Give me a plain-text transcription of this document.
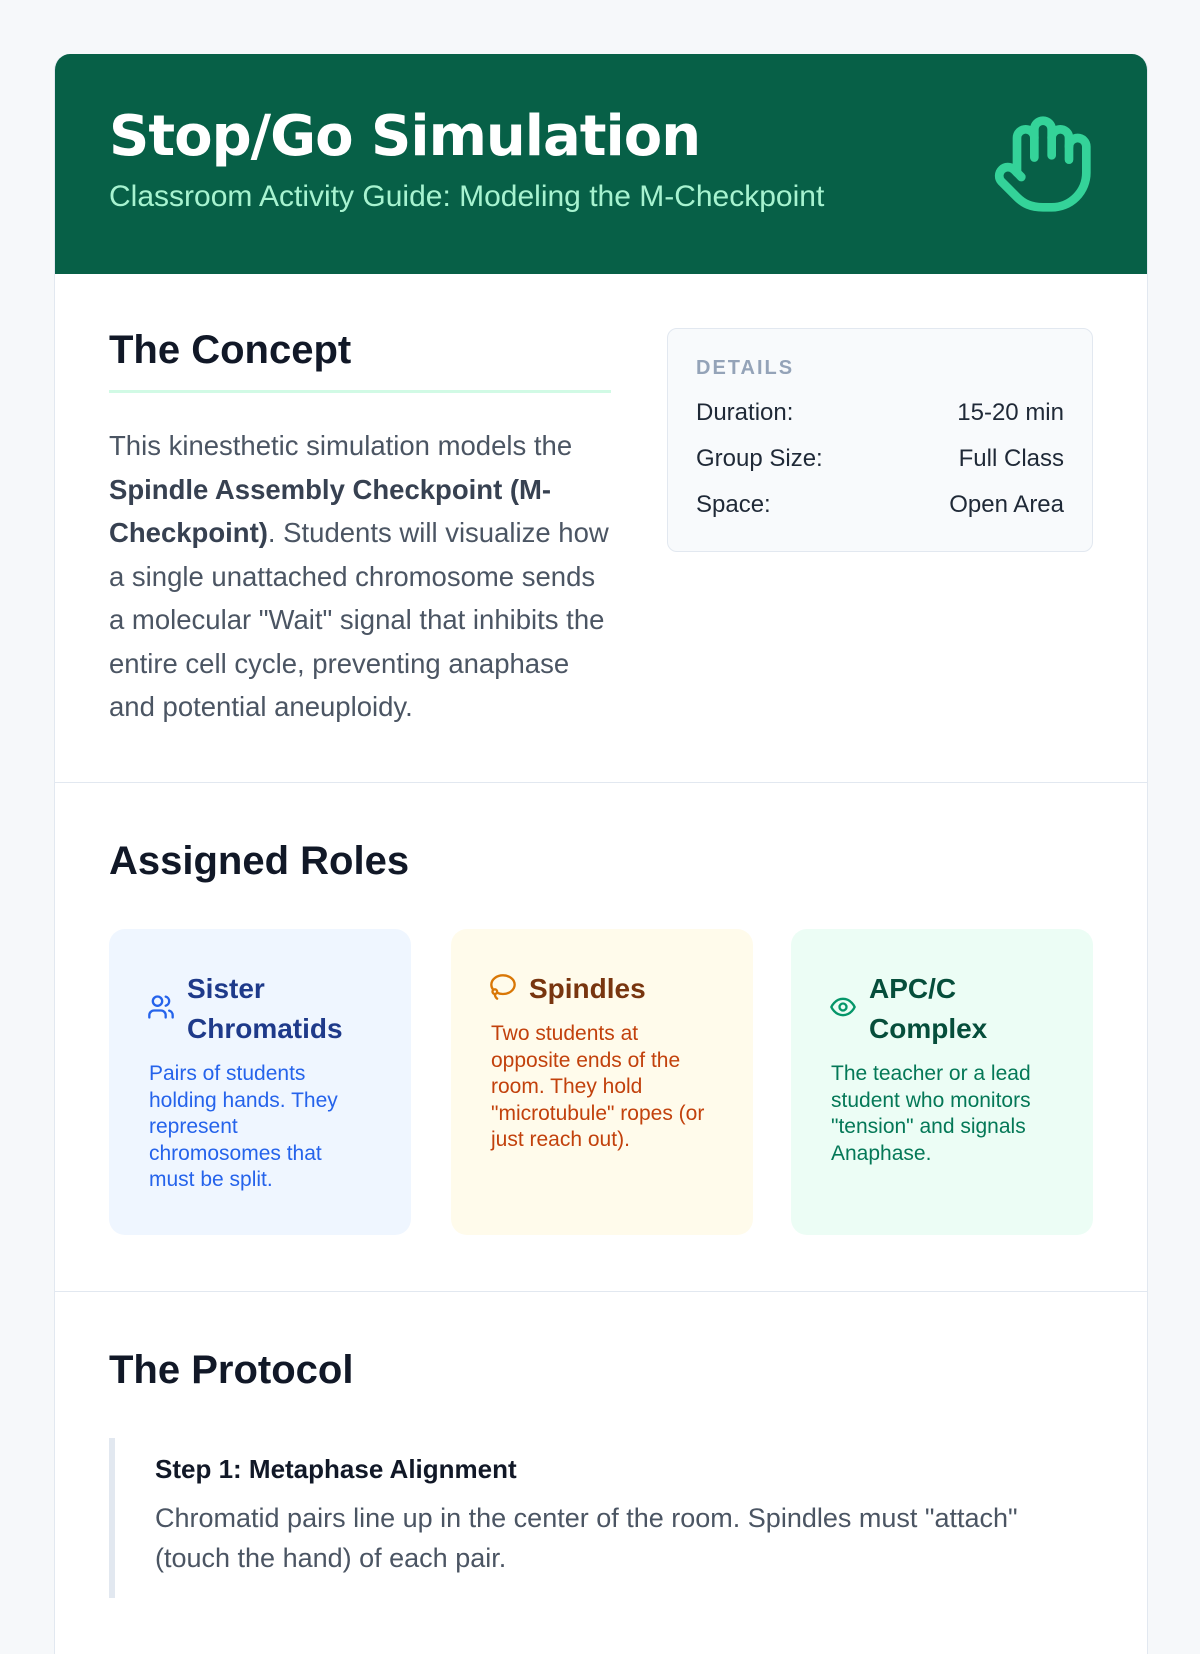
Stop/Go Simulation
Classroom Activity Guide: Modeling the M-Checkpoint
The Concept
This kinesthetic simulation models the Spindle Assembly Checkpoint (M-Checkpoint). Students will visualize how a single unattached chromosome sends a molecular "Wait" signal that inhibits the entire cell cycle, preventing anaphase and potential aneuploidy.
DETAILS
Duration:	15-20 min
Group Size:	Full Class
Space:	Open Area
Assigned Roles
Sister Chromatids
Pairs of students holding hands. They represent chromosomes that must be split.
Spindles
Two students at opposite ends of the room. They hold "microtubule" ropes (or just reach out).
APC/C Complex
The teacher or a lead student who monitors "tension" and signals Anaphase.
The Protocol
Step 1: Metaphase Alignment
Chromatid pairs line up in the center of the room. Spindles must "attach" (touch the hand) of each pair.
